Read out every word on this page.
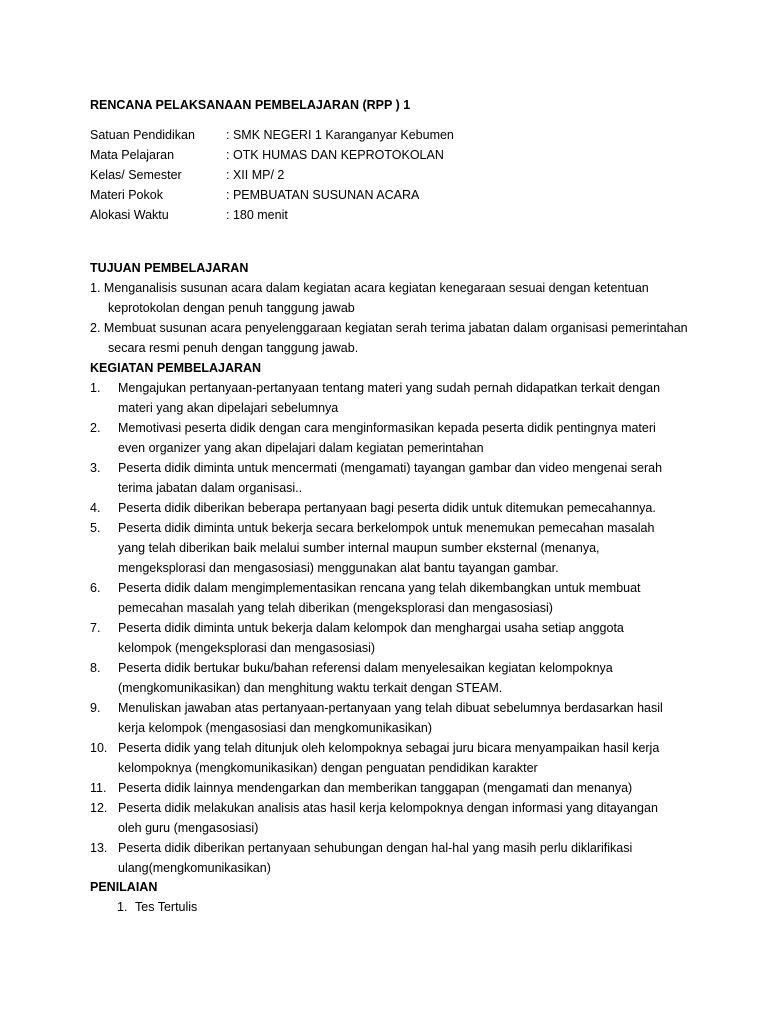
RENCANA PELAKSANAAN PEMBELAJARAN (RPP ) 1
Satuan Pendidikan	: SMK NEGERI 1 Karanganyar Kebumen
Mata Pelajaran	: OTK HUMAS DAN KEPROTOKOLAN
Kelas/ Semester	: XII MP/ 2
Materi Pokok	: PEMBUATAN SUSUNAN ACARA
Alokasi Waktu	: 180 menit
TUJUAN PEMBELAJARAN
1. Menganalisis susunan acara dalam kegiatan acara kegiatan kenegaraan sesuai dengan ketentuan keprotokolan dengan penuh tanggung jawab
2. Membuat susunan acara penyelenggaraan kegiatan serah terima jabatan dalam organisasi pemerintahan secara resmi penuh dengan tanggung jawab.
KEGIATAN PEMBELAJARAN
1.	Mengajukan pertanyaan-pertanyaan tentang materi yang sudah pernah didapatkan terkait dengan materi yang akan dipelajari sebelumnya
2.	Memotivasi peserta didik dengan cara menginformasikan kepada peserta didik pentingnya materi even organizer yang akan dipelajari dalam kegiatan pemerintahan
3.	Peserta didik diminta untuk mencermati (mengamati) tayangan gambar dan video mengenai serah terima jabatan dalam organisasi..
4.	Peserta didik diberikan beberapa pertanyaan bagi peserta didik untuk ditemukan pemecahannya.
5.	Peserta didik diminta untuk bekerja secara berkelompok untuk menemukan pemecahan masalah yang telah diberikan baik melalui sumber internal maupun sumber eksternal (menanya, mengeksplorasi dan mengasosiasi) menggunakan alat bantu tayangan gambar.
6.	Peserta didik dalam mengimplementasikan rencana yang telah dikembangkan untuk membuat pemecahan masalah yang telah diberikan (mengeksplorasi dan mengasosiasi)
7.	Peserta didik diminta untuk bekerja dalam kelompok dan menghargai usaha setiap anggota kelompok (mengeksplorasi dan mengasosiasi)
8.	Peserta didik bertukar buku/bahan referensi dalam menyelesaikan kegiatan kelompoknya (mengkomunikasikan) dan menghitung waktu terkait dengan STEAM.
9.	Menuliskan jawaban atas pertanyaan-pertanyaan yang telah dibuat sebelumnya berdasarkan hasil kerja kelompok (mengasosiasi dan mengkomunikasikan)
10. Peserta didik yang telah ditunjuk oleh kelompoknya sebagai juru bicara menyampaikan hasil kerja kelompoknya (mengkomunikasikan) dengan penguatan pendidikan karakter
11. Peserta didik lainnya mendengarkan dan memberikan tanggapan (mengamati dan menanya)
12. Peserta didik melakukan analisis atas hasil kerja kelompoknya dengan informasi yang ditayangan oleh guru (mengasosiasi)
13. Peserta didik diberikan pertanyaan sehubungan dengan hal-hal yang masih perlu diklarifikasi ulang(mengkomunikasikan)
PENILAIAN
1. Tes Tertulis
